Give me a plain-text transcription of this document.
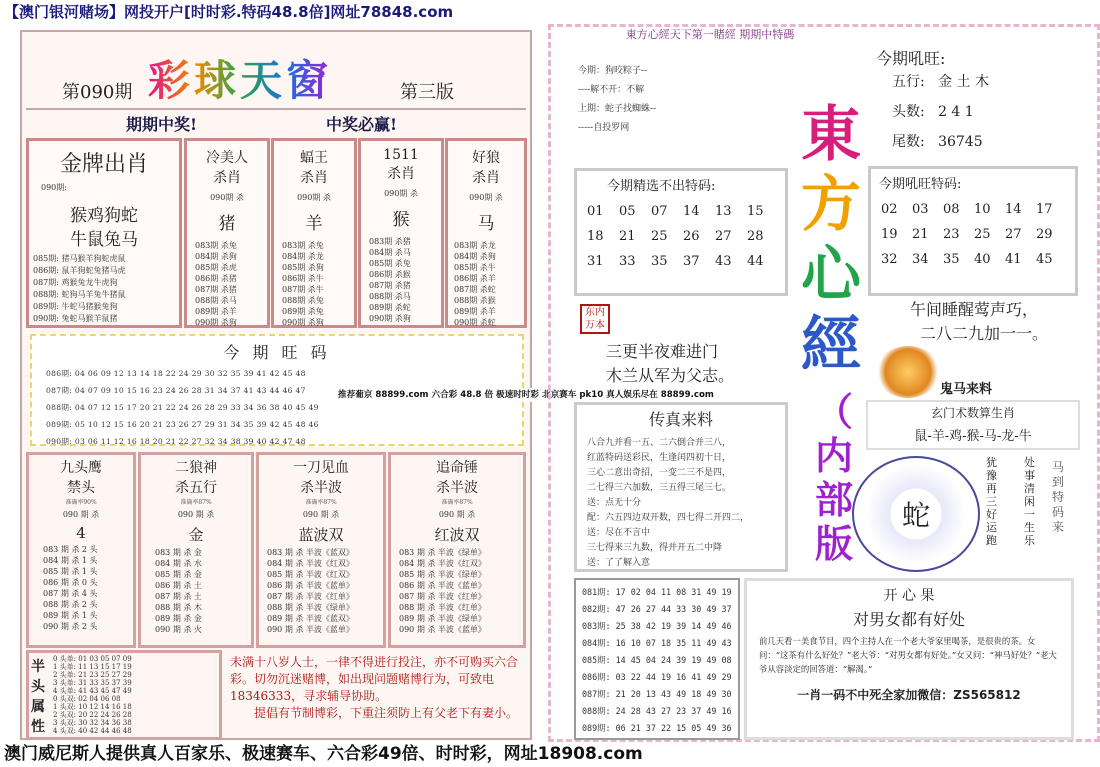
【澳门银河赌场】网投开户[时时彩.特码48.8倍]网址78848.com
第090期 彩球天窗	第三版
期期中奖!	中奖必赢!
金牌出肖
090期:
猴鸡狗蛇
牛鼠兔马
085期: 猪马猴羊狗蛇虎鼠
086期: 鼠羊狗蛇兔猪马虎
087期: 鸡猴兔龙牛虎狗
088期: 蛇狗马羊兔牛猪鼠
089期: 牛蛇马猪猴兔狗
090期: 兔蛇马猴羊鼠猪
冷美人
杀肖
090期 杀
猪
083期 杀兔
084期 杀狗
085期 杀虎
086期 杀猪
087期 杀猪
088期 杀马
089期 杀羊
090期 杀狗
蝠王
杀肖
090期 杀
羊
083期 杀兔
084期 杀龙
085期 杀狗
086期 杀牛
087期 杀牛
088期 杀兔
089期 杀兔
090期 杀狗
1511
杀肖
090期 杀
猴
083期 杀猪
084期 杀马
085期 杀兔
086期 杀猴
087期 杀猪
088期 杀马
089期 杀蛇
090期 杀狗
好狼
杀肖
090期 杀
马
083期 杀龙
084期 杀狗
085期 杀牛
086期 杀羊
087期 杀蛇
088期 杀猴
089期 杀羊
090期 杀蛇
今 期 旺 码
086期: 04 06 09 12 13 14 18 22 24 29 30 32 35 39 41 42 45 48
087期: 04 07 09 10 15 16 23 24 26 28 31 34 37 41 43 44 46 47
088期: 04 07 12 15 17 20 21 22 24 26 28 29 33 34 36 38 40 45 49
089期: 05 10 12 15 16 20 21 23 26 27 29 31 34 35 39 42 45 48 46
090期: 03 06 11 12 16 18 20 21 22 27 32 34 38 39 40 42 47 48
推荐葡京 88899.com 六合彩 48.8 倍 极速时时彩 北京赛车 pk10 真人娱乐尽在 88899.com
九头鹰
禁头
准确率90%
090 期 杀
4
083 期 杀 2 头
084 期 杀 1 头
085 期 杀 1 头
086 期 杀 0 头
087 期 杀 4 头
088 期 杀 2 头
089 期 杀 1 头
090 期 杀 2 头
二狼神
杀五行
准确率87%
090 期 杀
金
083 期 杀 金
084 期 杀 水
085 期 杀 金
086 期 杀 土
087 期 杀 土
088 期 杀 木
089 期 杀 金
090 期 杀 火
一刀见血
杀半波
准确率87%
090 期 杀
蓝波双
083 期 杀 半波《蓝双》
084 期 杀 半波《红双》
085 期 杀 半波《红双》
086 期 杀 半波《蓝单》
087 期 杀 半波《红单》
088 期 杀 半波《绿单》
089 期 杀 半波《蓝双》
090 期 杀 半波《蓝单》
追命锤
杀半波
准确率87%
090 期 杀
红波双
083 期 杀 半波《绿单》
084 期 杀 半波《红双》
085 期 杀 半波《绿单》
086 期 杀 半波《蓝单》
087 期 杀 半波《红单》
088 期 杀 半波《红单》
089 期 杀 半波《绿单》
090 期 杀 半波《蓝单》
半头属性
0 头单: 01 03 05 07 09
1 头单: 11 13 15 17 19
2 头单: 21 23 25 27 29
3 头单: 31 33 35 37 39
4 头单: 41 43 45 47 49
0 头双: 02 04 06 08
1 头双: 10 12 14 16 18
2 头双: 20 22 24 26 28
3 头双: 30 32 34 36 38
4 头双: 40 42 44 46 48
未满十八岁人士，一律不得进行投注，亦不可购买六合彩。切勿沉迷赌博，如出现问题赌博行为，可致电18346333，寻求辅导协助。
提倡有节制博彩，下重注须防上有父老下有妻小。
東方心經天下第一賭經 期期中特碼
今期：狗咬粽子--
----解不开：不解
上期：蛇子找蜘蛛--
-----自投罗网	東
方
心
經
（
内
部
版
今期吼旺:
五行: 金 土 木
头数: 2 4 1
尾数: 36745
今期精选不出特码:
01	05	07	14	13	15
18	21	25	26	27	28
31	33	35	37	43	44
今期吼旺特码:
02	03	08	10	14	17
19	21	23	25	27	29
32	34	35	40	41	45
午间睡醒莺声巧，
二八二九加一一。
东内万本
三更半夜难进门
木兰从军为父志。
鬼马来料
玄门术数算生肖
鼠-羊-鸡-猴-马-龙-牛
传真来料
八合九并看一五、二六倒合并三八，
红蓝特码送彩民，生逢闰四初十日，
三心二意出奇招，一变二三不是四，
二七得三六加数，三五得三尾三七。
送：点无十分
配：六五四边双开数，四七得二开四二，
送：尽在不言中
三七得来三九数，得并开五二中降
送：了了解入意
蛇
犹豫再三 好运跑
处事清闲一生乐
马到特码来
081期: 17 02 04 11 08 31 49 19
082期: 47 26 27 44 33 30 49 37
083期: 25 38 42 19 39 14 49 46
084期: 16 10 07 18 35 11 49 43
085期: 14 45 04 24 39 19 49 08
086期: 03 22 44 19 16 41 49 29
087期: 21 20 13 43 49 18 49 30
088期: 24 28 43 27 23 37 49 16
089期: 06 21 37 22 15 05 49 36
开 心 果
对男女都有好处
前几天看一美食节目，四个主持人在一个老大爷家里喝茶，是很贵的茶。女问：“这茶有什么好处？”老大爷：“对男女都有好处。”女又问：“神马好处？”老大爷从容淡定的回答道：“解渴。”
一肖一码不中死全家加微信：ZS565812
澳门威尼斯人提供真人百家乐、极速赛车、六合彩49倍、时时彩，网址18908.com
